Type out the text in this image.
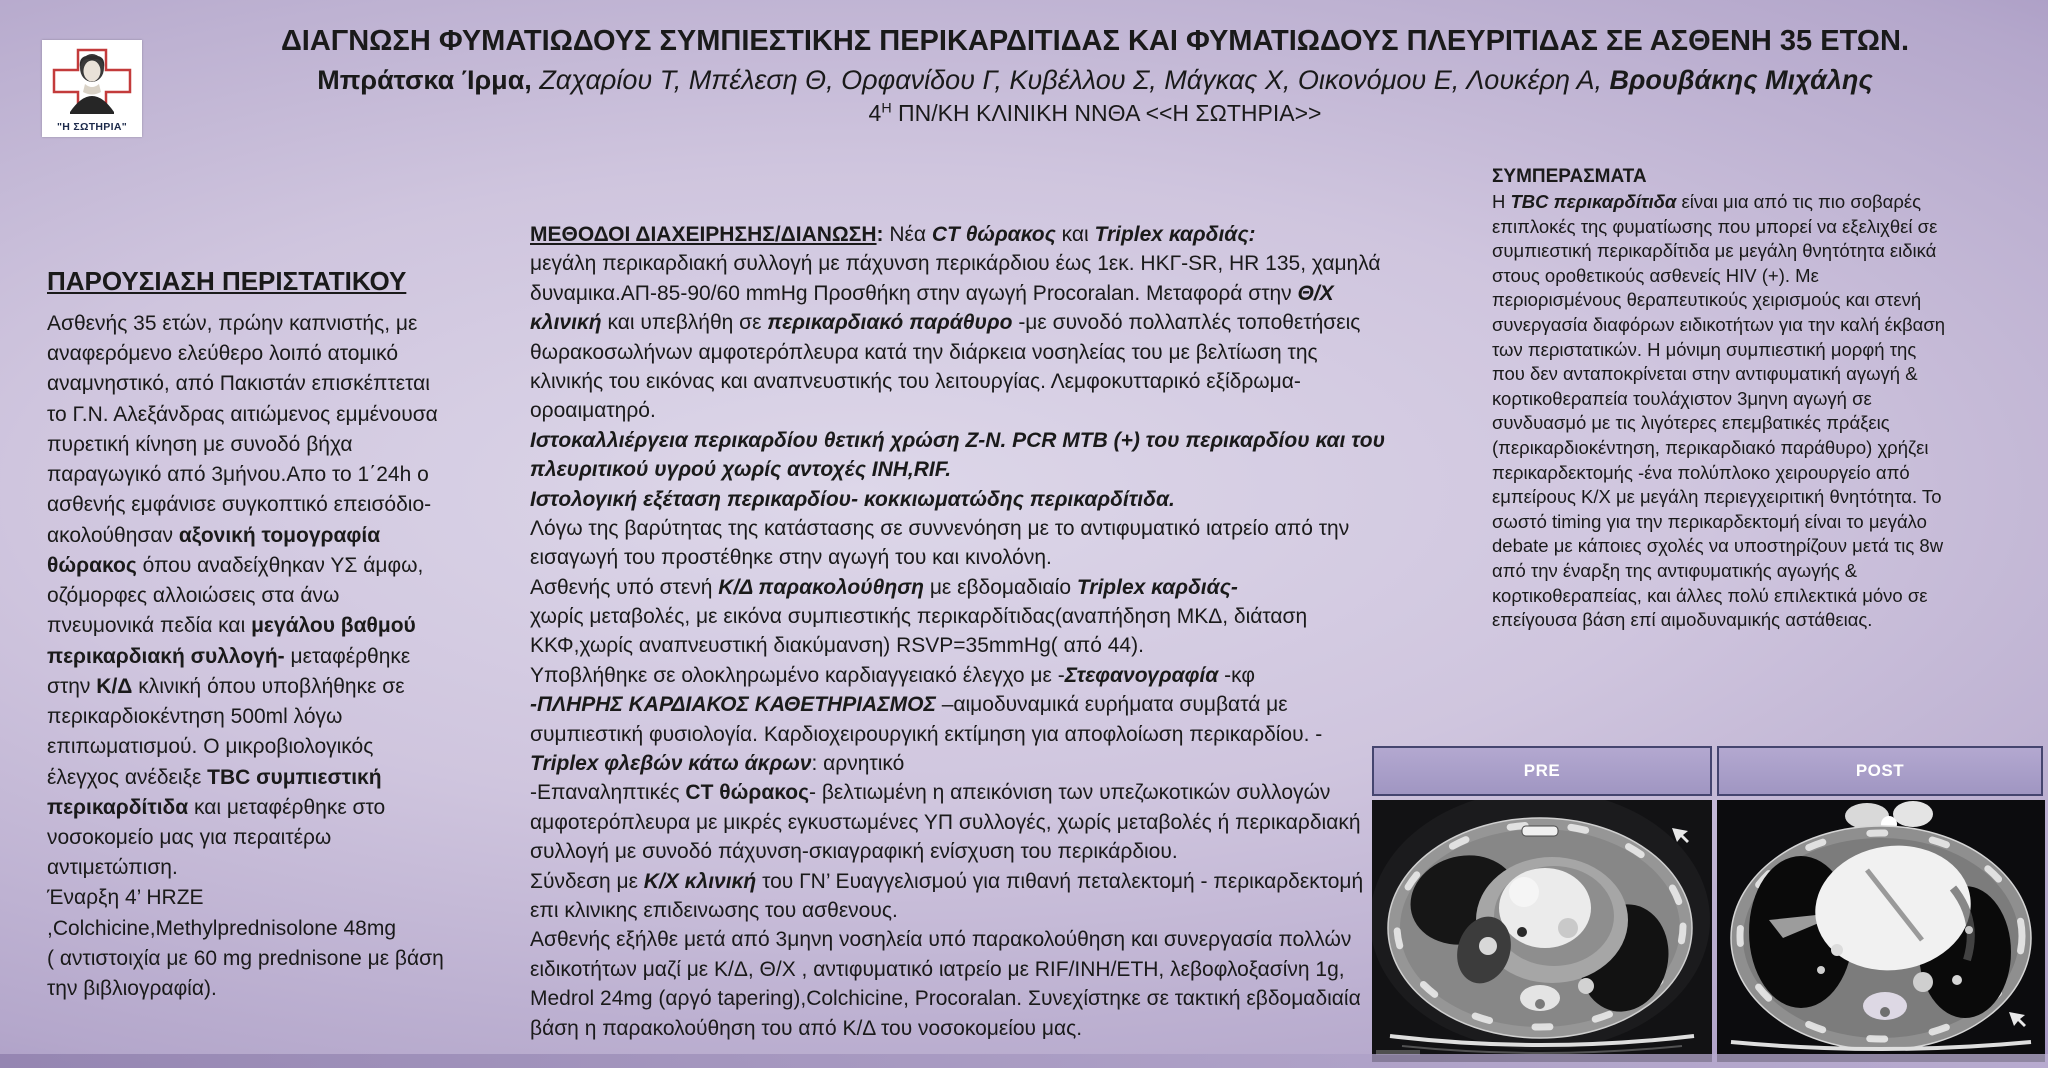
"Η ΣΩΤΗΡΙΑ"
ΔΙΑΓΝΩΣΗ ΦΥΜΑΤΙΩΔΟΥΣ ΣΥΜΠΙΕΣΤΙΚΗΣ ΠΕΡΙΚΑΡΔΙΤΙΔΑΣ ΚΑΙ ΦΥΜΑΤΙΩΔΟΥΣ ΠΛΕΥΡΙΤΙΔΑΣ ΣΕ ΑΣΘΕΝΗ 35 ΕΤΩΝ.
Μπράτσκα Ίρμα, Ζαχαρίου Τ, Μπέλεση Θ, Ορφανίδου Γ, Κυβέλλου Σ, Μάγκας Χ, Οικονόμου Ε, Λουκέρη Α, Βρουβάκης Μιχάλης
$4^H$ ΠΝ/ΚΗ ΚΛΙΝΙΚΗ ΝΝΘΑ <<Η ΣΩΤΗΡΙΑ>>
ΠΑΡΟΥΣΙΑΣΗ ΠΕΡΙΣΤΑΤΙΚΟΥ
Ασθενής 35 ετών, πρώην καπνιστής, με αναφερόμενο ελεύθερο λοιπό ατομικό αναμνηστικό, από Πακιστάν επισκέπτεται το Γ.Ν. Αλεξάνδρας αιτιώμενος εμμένουσα πυρετική κίνηση με συνοδό βήχα παραγωγικό από 3μήνου.Απο το 1΄24h ο ασθενής εμφάνισε συγκοπτικό επεισόδιο-ακολούθησαν αξονική τομογραφία θώρακος όπου αναδείχθηκαν ΥΣ άμφω, οζόμορφες αλλοιώσεις στα άνω πνευμονικά πεδία και μεγάλου βαθμού περικαρδιακή συλλογή- μεταφέρθηκε στην Κ/Δ κλινική όπου υποβλήθηκε σε περικαρδιοκέντηση 500ml λόγω επιπωματισμού. Ο μικροβιολογικός έλεγχος ανέδειξε TBC συμπιεστική περικαρδίτιδα και μεταφέρθηκε στο νοσοκομείο μας για περαιτέρω αντιμετώπιση.
Έναρξη 4’ HRZE
,Colchicine,Methylprednisolone 48mg
( αντιστοιχία με 60 mg prednisone με βάση την βιβλιογραφία).
ΜΕΘΟΔΟΙ ΔΙΑΧΕΙΡΗΣΗΣ/ΔΙΑΝΩΣΗ: Νέα CT θώρακος και Triplex καρδιάς:
μεγάλη περικαρδιακή συλλογή με πάχυνση περικάρδιου έως 1εκ. ΗΚΓ-SR, HR 135, χαμηλά δυναμικα.ΑΠ-85-90/60 mmHg Προσθήκη στην αγωγή Procoralan. Μεταφορά στην Θ/Χ κλινική και υπεβλήθη σε περικαρδιακό παράθυρο -με συνοδό πολλαπλές τοποθετήσεις θωρακοσωλήνων αμφοτερόπλευρα κατά την διάρκεια νοσηλείας του με βελτίωση της κλινικής του εικόνας και αναπνευστικής του λειτουργίας. Λεμφοκυτταρικό εξίδρωμα-οροαιματηρό.
Ιστοκαλλιέργεια περικαρδίου θετική χρώση Z-N. PCR MTB (+) του περικαρδίου και του πλευριτικού υγρού χωρίς αντοχές INH,RIF.
Ιστολογική εξέταση περικαρδίου- κοκκιωματώδης περικαρδίτιδα.
Λόγω της βαρύτητας της κατάστασης σε συννενόηση με το αντιφυματικό ιατρείο από την εισαγωγή του προστέθηκε στην αγωγή του και κινολόνη.
Ασθενής υπό στενή Κ/Δ παρακολούθηση με εβδομαδιαίο Triplex καρδιάς-
χωρίς μεταβολές, με εικόνα συμπιεστικής περικαρδίτιδας(αναπήδηση ΜΚΔ, διάταση ΚΚΦ,χωρίς αναπνευστική διακύμανση) RSVP=35mmHg( από 44).
Υποβλήθηκε σε ολοκληρωμένο καρδιαγγειακό έλεγχο με -Στεφανογραφία -κφ
-ΠΛΗΡΗΣ ΚΑΡΔΙΑΚΟΣ ΚΑΘΕΤΗΡΙΑΣΜΟΣ –αιμοδυναμικά ευρήματα συμβατά με συμπιεστική φυσιολογία. Καρδιοχειρουργική εκτίμηση για αποφλοίωση περικαρδίου. -Triplex φλεβών κάτω άκρων: αρνητικό
-Επαναληπτικές CT θώρακος- βελτιωμένη η απεικόνιση των υπεζωκοτικών συλλογών αμφοτερόπλευρα με μικρές εγκυστωμένες ΥΠ συλλογές, χωρίς μεταβολές ή περικαρδιακή συλλογή με συνοδό πάχυνση-σκιαγραφική ενίσχυση του περικάρδιου.
Σύνδεση με Κ/Χ κλινική του ΓΝ’ Ευαγγελισμού για πιθανή πεταλεκτομή - περικαρδεκτομή επι κλινικης επιδεινωσης του ασθενους.
Ασθενής εξήλθε μετά από 3μηνη νοσηλεία υπό παρακολούθηση και συνεργασία πολλών ειδικοτήτων μαζί με Κ/Δ, Θ/Χ , αντιφυματικό ιατρείο με RIF/INH/ETH, λεβοφλοξασίνη 1g, Medrol 24mg (αργό tapering),Colchicine, Procoralan. Συνεχίστηκε σε τακτική εβδομαδιαία βάση η παρακολούθηση του από Κ/Δ του νοσοκομείου μας.
ΣΥΜΠΕΡΑΣΜΑΤΑ
Η TBC περικαρδίτιδα είναι μια από τις πιο σοβαρές επιπλοκές της φυματίωσης που μπορεί να εξελιχθεί σε συμπιεστική περικαρδίτιδα με μεγάλη θνητότητα ειδικά στους οροθετικούς ασθενείς HIV (+). Με περιορισμένους θεραπευτικούς χειρισμούς και στενή συνεργασία διαφόρων ειδικοτήτων για την καλή έκβαση των περιστατικών. Η μόνιμη συμπιεστική μορφή της που δεν ανταποκρίνεται στην αντιφυματική αγωγή & κορτικοθεραπεία τουλάχιστον 3μηνη αγωγή σε συνδυασμό με τις λιγότερες επεμβατικές πράξεις (περικαρδιοκέντηση, περικαρδιακό παράθυρο) χρήζει περικαρδεκτομής -ένα πολύπλοκο χειρουργείο από εμπείρους Κ/Χ με μεγάλη περιεγχειριτική θνητότητα. Το σωστό timing για την περικαρδεκτομή είναι το μεγάλο debate με κάποιες σχολές να υποστηρίζουν μετά τις 8w από την έναρξη της αντιφυματικής αγωγής & κορτικοθεραπείας, και άλλες πολύ επιλεκτικά μόνο σε επείγουσα βάση επί αιμοδυναμικής αστάθειας.
PRE	POST
